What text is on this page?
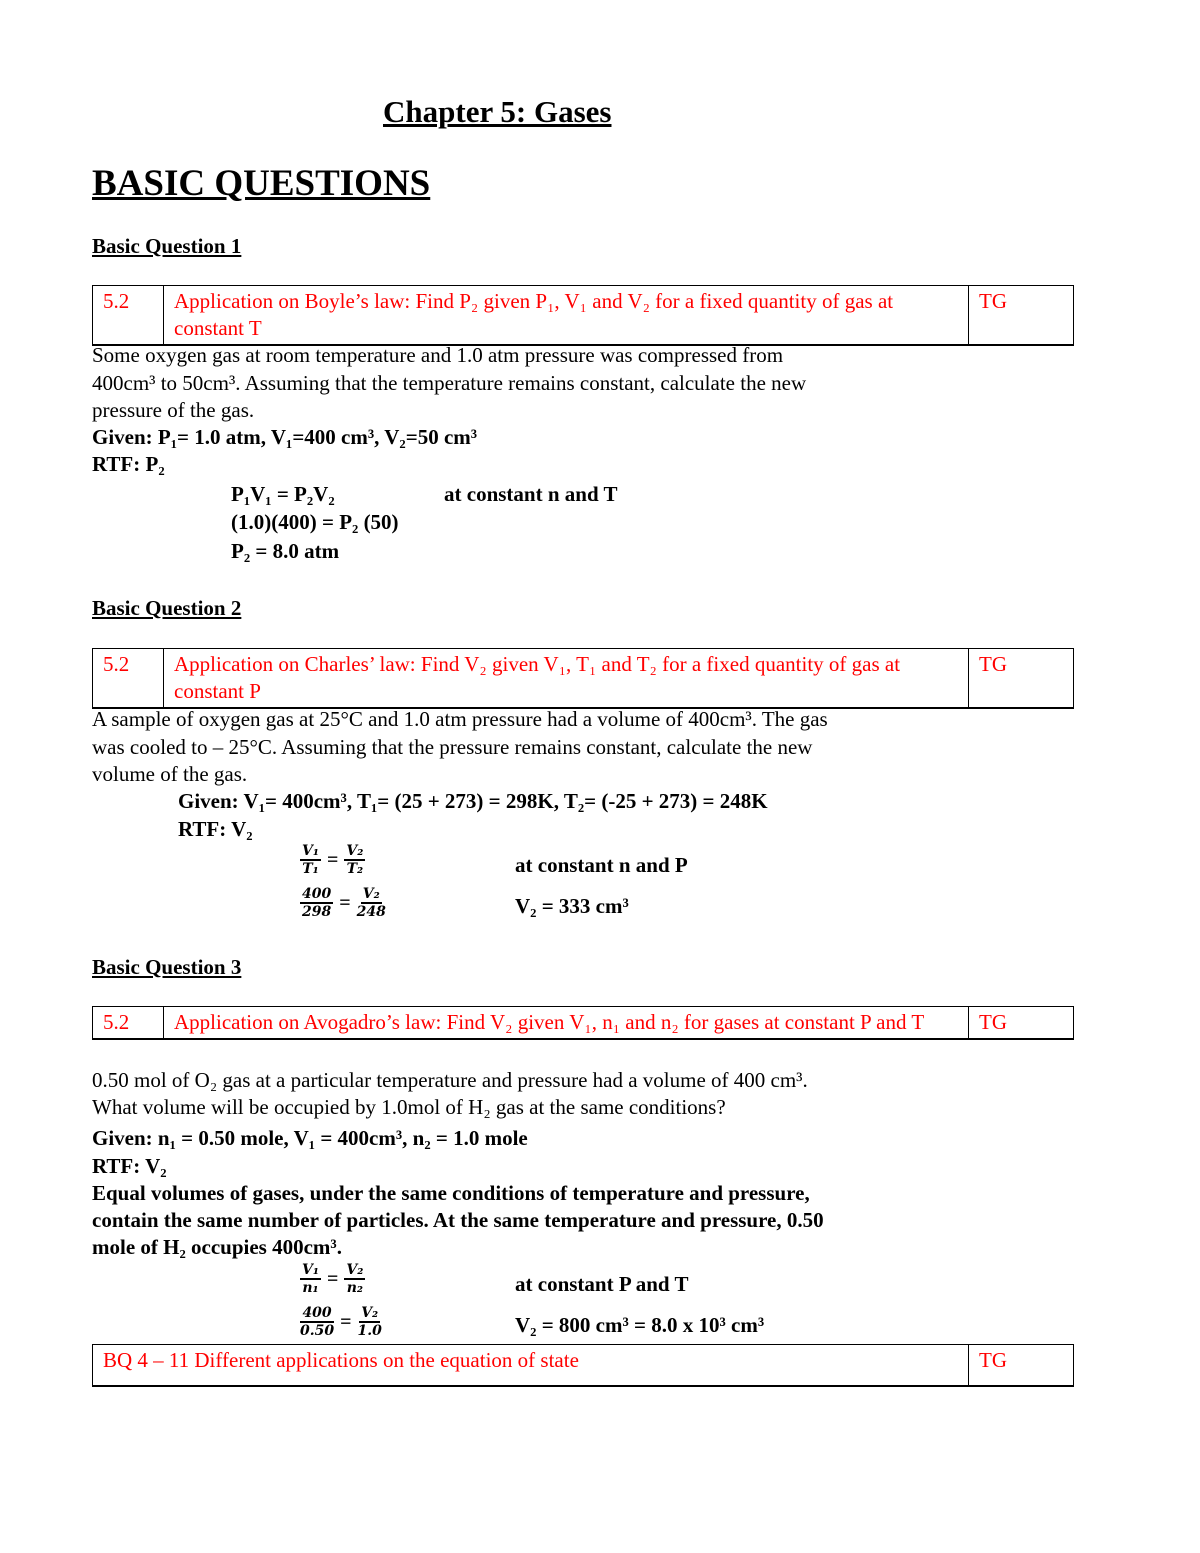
Chapter 5: Gases
BASIC QUESTIONS
Basic Question 1
5.2	Application on Boyle’s law: Find P₂ given P₁, V₁ and V₂ for a fixed quantity of gas at constant T	TG
Some oxygen gas at room temperature and 1.0 atm pressure was compressed from
400cm³ to 50cm³. Assuming that the temperature remains constant, calculate the new
pressure of the gas.
Given: P₁= 1.0 atm, V₁=400 cm³, V₂=50 cm³
RTF: P₂
P₁V₁ = P₂V₂	at constant n and T
(1.0)(400) = P₂ (50)
P₂ = 8.0 atm
Basic Question 2
5.2	Application on Charles’ law: Find V₂ given V₁, T₁ and T₂ for a fixed quantity of gas at constant P	TG
A sample of oxygen gas at 25°C and 1.0 atm pressure had a volume of 400cm³. The gas
was cooled to – 25°C. Assuming that the pressure remains constant, calculate the new
volume of the gas.
Given: V₁= 400cm³, T₁= (25 + 273) = 298K, T₂= (-25 + 273) = 248K
RTF: V₂
$\frac{\text{V₁}}{\text{T₁}} = \frac{\text{V₂}}{\text{T₂}}$
$\frac{400}{298} = \frac{\text{V₂}}{248}$
at constant n and P
V₂ = 333 cm³
Basic Question 3
5.2	Application on Avogadro’s law: Find V₂ given V₁, n₁ and n₂ for gases at constant P and T	TG
0.50 mol of O₂ gas at a particular temperature and pressure had a volume of 400 cm³.
What volume will be occupied by 1.0mol of H₂ gas at the same conditions?
Given: n₁ = 0.50 mole, V₁ = 400cm³, n₂ = 1.0 mole
RTF: V₂
Equal volumes of gases, under the same conditions of temperature and pressure,
contain the same number of particles. At the same temperature and pressure, 0.50
mole of H₂ occupies 400cm³.
$\frac{\text{V₁}}{\text{n₁}} = \frac{\text{V₂}}{\text{n₂}}$
$\frac{400}{0.50} = \frac{\text{V₂}}{1.0}$
at constant P and T
V₂ = 800 cm³ = 8.0 x 10³ cm³
BQ 4 – 11 Different applications on the equation of state	TG
